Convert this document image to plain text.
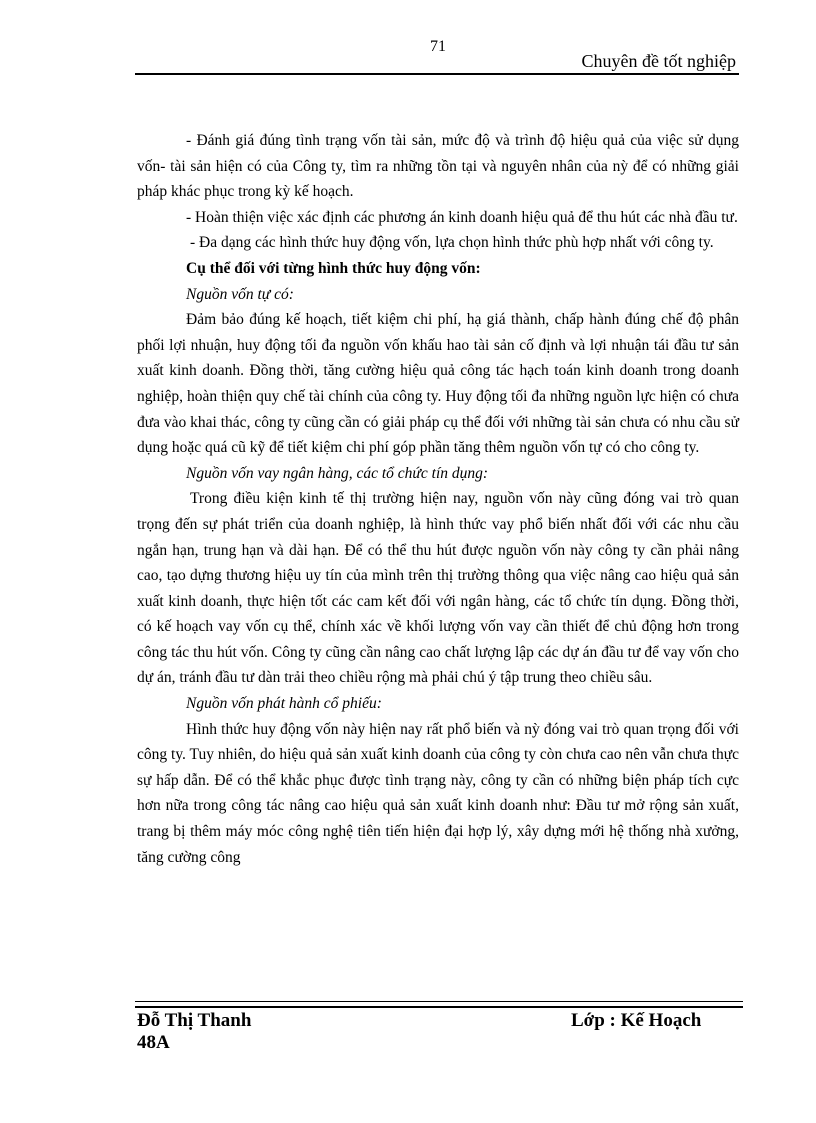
71
Chuyên đề tốt nghiệp

- Đánh giá đúng tình trạng vốn tài sản, mức độ và trình độ hiệu quả của việc sử dụng vốn- tài sản hiện có của Công ty, tìm ra những tồn tại và nguyên nhân của nỳ để có những giải pháp khác phục trong kỳ kế hoạch.

- Hoàn thiện việc xác định các phương án kinh doanh hiệu quả để thu hút các nhà đầu tư.

- Đa dạng các hình thức huy động vốn, lựa chọn hình thức phù hợp nhất với công ty.

Cụ thể đối với từng hình thức huy động vốn:

Nguồn vốn tự có:

Đảm bảo đúng kế hoạch, tiết kiệm chi phí, hạ giá thành, chấp hành đúng chế độ phân phối lợi nhuận, huy động tối đa nguồn vốn khấu hao tài sản cố định và lợi nhuận tái đầu tư sản xuất kinh doanh. Đồng thời, tăng cường hiệu quả công tác hạch toán kinh doanh trong doanh nghiệp, hoàn thiện quy chế tài chính của công ty. Huy động tối đa những nguồn lực hiện có chưa đưa vào khai thác, công ty cũng cần có giải pháp cụ thể đối với những tài sản chưa có nhu cầu sử dụng hoặc quá cũ kỹ để tiết kiệm chi phí góp phần tăng thêm nguồn vốn tự có cho công ty.

Nguồn vốn vay ngân hàng, các tổ chức tín dụng:

Trong điều kiện kinh tế thị trường hiện nay, nguồn vốn này cũng đóng vai trò quan trọng đến sự phát triển của doanh nghiệp, là hình thức vay phổ biến nhất đối với các nhu cầu ngắn hạn, trung hạn và dài hạn. Để có thể thu hút được nguồn vốn này công ty cần phải nâng cao, tạo dựng thương hiệu uy tín của mình trên thị trường thông qua việc nâng cao hiệu quả sản xuất kinh doanh, thực hiện tốt các cam kết đối với ngân hàng, các tổ chức tín dụng. Đồng thời, có kế hoạch vay vốn cụ thể, chính xác về khối lượng vốn vay cần thiết để chủ động hơn trong công tác thu hút vốn. Công ty cũng cần nâng cao chất lượng lập các dự án đầu tư để vay vốn cho dự án, tránh đầu tư dàn trải theo chiều rộng mà phải chú ý tập trung theo chiều sâu.

Nguồn vốn phát hành cổ phiếu:

Hình thức huy động vốn này hiện nay rất phổ biến và nỳ đóng vai trò quan trọng đối với công ty. Tuy nhiên, do hiệu quả sản xuất kinh doanh của công ty còn chưa cao nên vẫn chưa thực sự hấp dẫn. Để có thể khắc phục được tình trạng này, công ty cần có những biện pháp tích cực hơn nữa trong công tác nâng cao hiệu quả sản xuất kinh doanh như: Đầu tư mở rộng sản xuất, trang bị thêm máy móc công nghệ tiên tiến hiện đại hợp lý, xây dựng mới hệ thống nhà xưởng, tăng cường công

Đỗ Thị Thanh
48A
Lớp : Kế Hoạch
